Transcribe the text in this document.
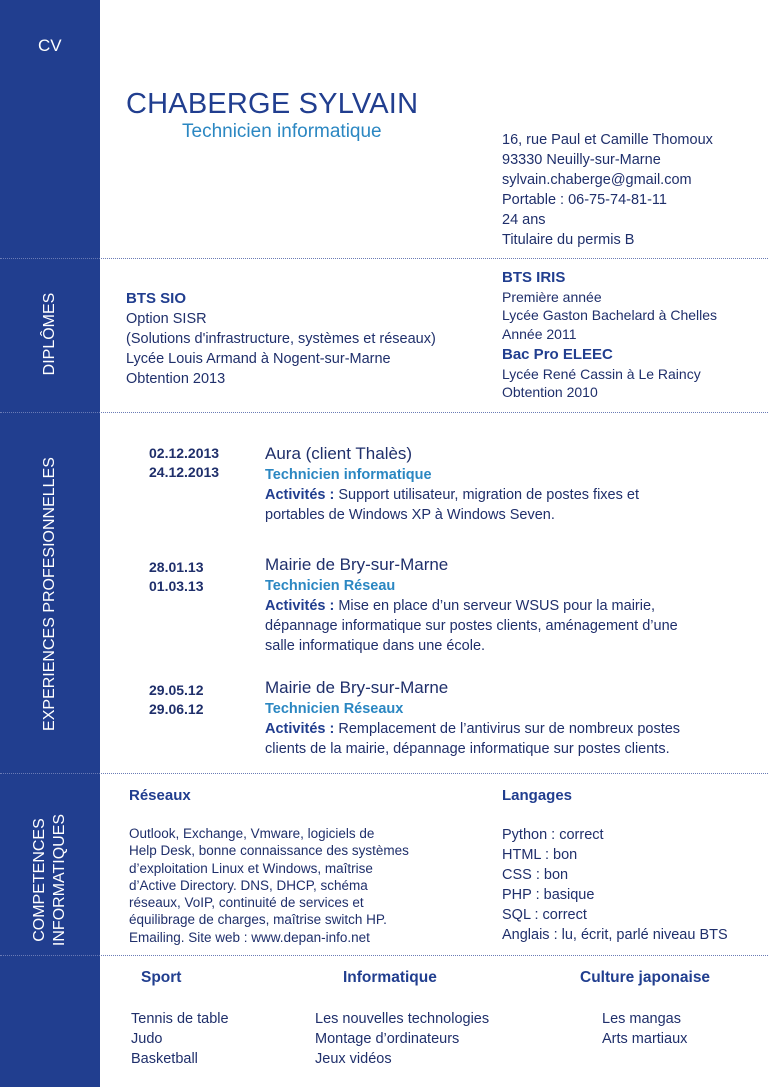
CV
DIPLÔMES
EXPERIENCES PROFESIONNELLES
COMPETENCES INFORMATIQUES
CHABERGE SYLVAIN
Technicien informatique	16, rue Paul et Camille Thomoux
93330 Neuilly-sur-Marne
sylvain.chaberge@gmail.com
Portable : 06-75-74-81-11
24 ans
Titulaire du permis B
BTS SIO
Option SISR
(Solutions d'infrastructure, systèmes et réseaux)
Lycée Louis Armand à Nogent-sur-Marne
Obtention 2013
BTS IRIS
Première année
Lycée Gaston Bachelard à Chelles
Année 2011
Bac Pro ELEEC
Lycée René Cassin à Le Raincy
Obtention 2010
02.12.2013
24.12.2013
Aura (client Thalès)
Technicien informatique
Activités : Support utilisateur, migration de postes fixes et
portables de Windows XP à Windows Seven.
28.01.13
01.03.13
Mairie de Bry-sur-Marne
Technicien Réseau
Activités : Mise en place d’un serveur WSUS pour la mairie,
dépannage informatique sur postes clients, aménagement d’une
salle informatique dans une école.
29.05.12
29.06.12
Mairie de Bry-sur-Marne
Technicien Réseaux
Activités : Remplacement de l’antivirus sur de nombreux postes
clients de la mairie, dépannage informatique sur postes clients.
Réseaux
Outlook, Exchange, Vmware, logiciels de
Help Desk, bonne connaissance des systèmes
d’exploitation Linux et Windows, maîtrise
d’Active Directory. DNS, DHCP, schéma
réseaux, VoIP, continuité de services et
équilibrage de charges, maîtrise switch HP.
Emailing. Site web : www.depan-info.net
Langages
Python : correct
HTML : bon
CSS : bon
PHP : basique
SQL : correct
Anglais : lu, écrit, parlé niveau BTS
Sport
Tennis de table
Judo
Basketball
Informatique
Les nouvelles technologies
Montage d’ordinateurs
Jeux vidéos
Culture japonaise
Les mangas
Arts martiaux
